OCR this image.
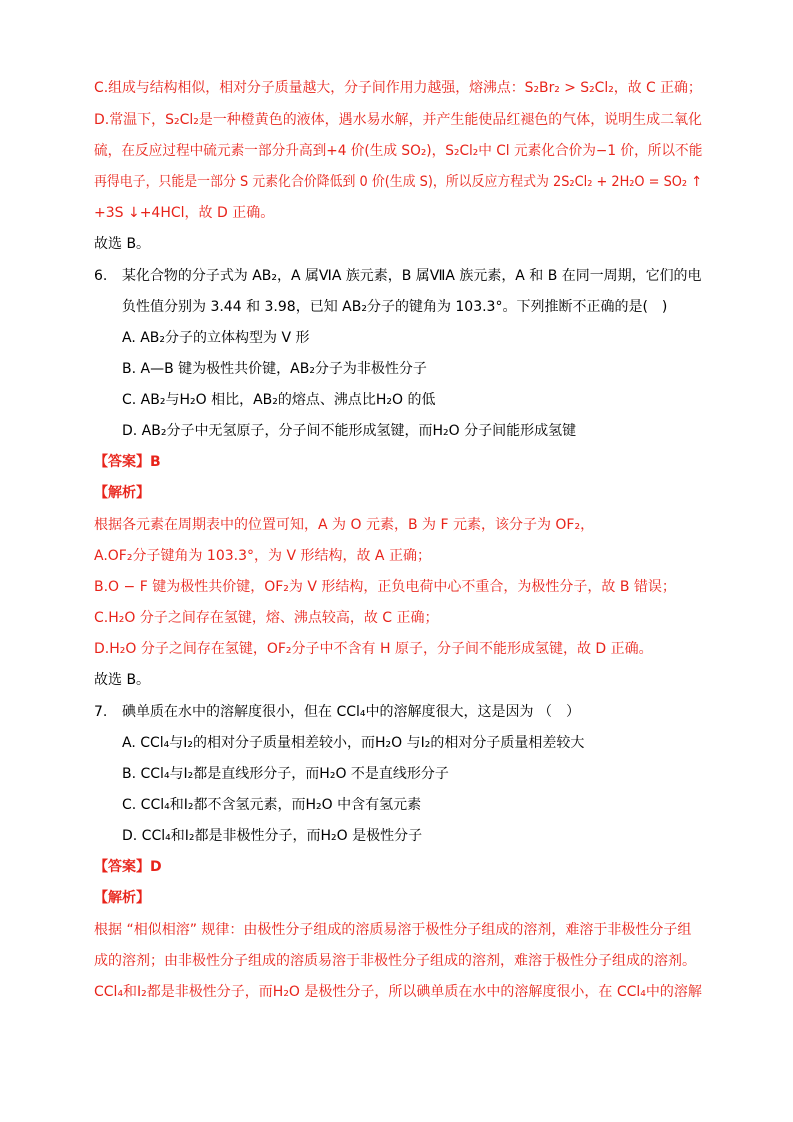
C.组成与结构相似，相对分子质量越大，分子间作用力越强，熔沸点：S₂Br₂ > S₂Cl₂，故 C 正确；
D.常温下，S₂Cl₂是一种橙黄色的液体，遇水易水解，并产生能使品红褪色的气体，说明生成二氧化
硫，在反应过程中硫元素一部分升高到+4 价(生成 SO₂)，S₂Cl₂中 Cl 元素化合价为−1 价，所以不能
再得电子，只能是一部分 S 元素化合价降低到 0 价(生成 S)，所以反应方程式为 2S₂Cl₂ + 2H₂O = SO₂ ↑
+3S ↓+4HCl，故 D 正确。
故选 B。
6. 某化合物的分子式为 AB₂，A 属ⅥA 族元素，B 属ⅦA 族元素，A 和 B 在同一周期，它们的电
负性值分别为 3.44 和 3.98，已知 AB₂分子的键角为 103.3°。下列推断不正确的是(　)
A. AB₂分子的立体构型为 V 形
B. A—B 键为极性共价键，AB₂分子为非极性分子
C. AB₂与H₂O 相比，AB₂的熔点、沸点比H₂O 的低
D. AB₂分子中无氢原子，分子间不能形成氢键，而H₂O 分子间能形成氢键
【答案】B
【解析】
根据各元素在周期表中的位置可知，A 为 O 元素，B 为 F 元素，该分子为 OF₂，
A.OF₂分子键角为 103.3°，为 V 形结构，故 A 正确；
B.O − F 键为极性共价键，OF₂为 V 形结构，正负电荷中心不重合，为极性分子，故 B 错误；
C.H₂O 分子之间存在氢键，熔、沸点较高，故 C 正确；
D.H₂O 分子之间存在氢键，OF₂分子中不含有 H 原子，分子间不能形成氢键，故 D 正确。
故选 B。
7. 碘单质在水中的溶解度很小，但在 CCl₄中的溶解度很大，这是因为 （　）
A. CCl₄与I₂的相对分子质量相差较小，而H₂O 与I₂的相对分子质量相差较大
B. CCl₄与I₂都是直线形分子，而H₂O 不是直线形分子
C. CCl₄和I₂都不含氢元素，而H₂O 中含有氢元素
D. CCl₄和I₂都是非极性分子，而H₂O 是极性分子
【答案】D
【解析】
根据 “相似相溶” 规律：由极性分子组成的溶质易溶于极性分子组成的溶剂，难溶于非极性分子组
成的溶剂；由非极性分子组成的溶质易溶于非极性分子组成的溶剂，难溶于极性分子组成的溶剂。
CCl₄和I₂都是非极性分子，而H₂O 是极性分子，所以碘单质在水中的溶解度很小，在 CCl₄中的溶解
